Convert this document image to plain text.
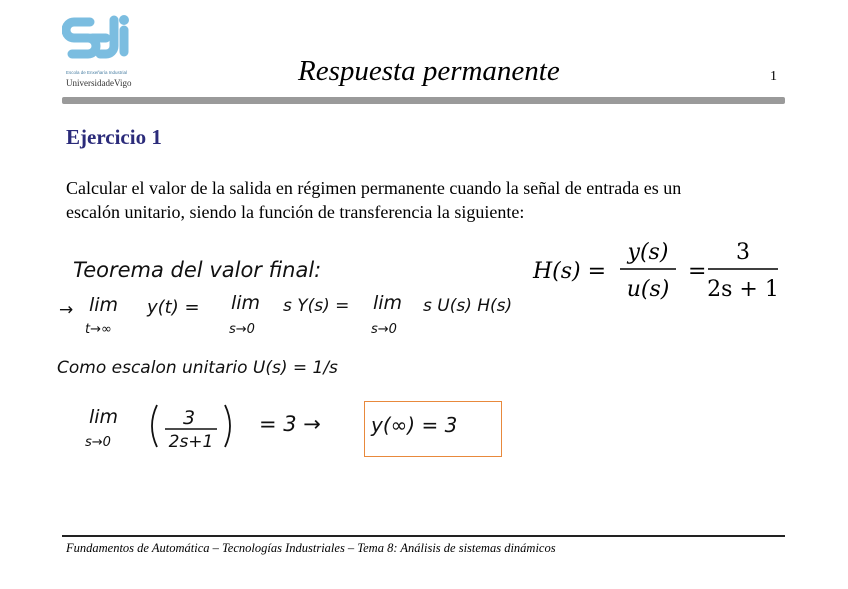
Escola de Enxeñaría Industrial
UniversidadeVigo	Respuesta permanente	1
Ejercicio 1
Calcular el valor de la salida en régimen permanente cuando la señal de entrada es un
escalón unitario, siendo la función de transferencia la siguiente:
H(s) =
y(s)
u(s)
=
3
2s + 1
Teorema del valor final:
→ lim
t→∞
y(t) = lim
s→0
s Y(s) = lim
s→0
s U(s) H(s)
Como escalon unitario U(s) = 1/s
lim
s→0
3
2s+1
= 3 →	y(∞) = 3
Fundamentos de Automática – Tecnologías Industriales – Tema 8: Análisis de sistemas dinámicos
